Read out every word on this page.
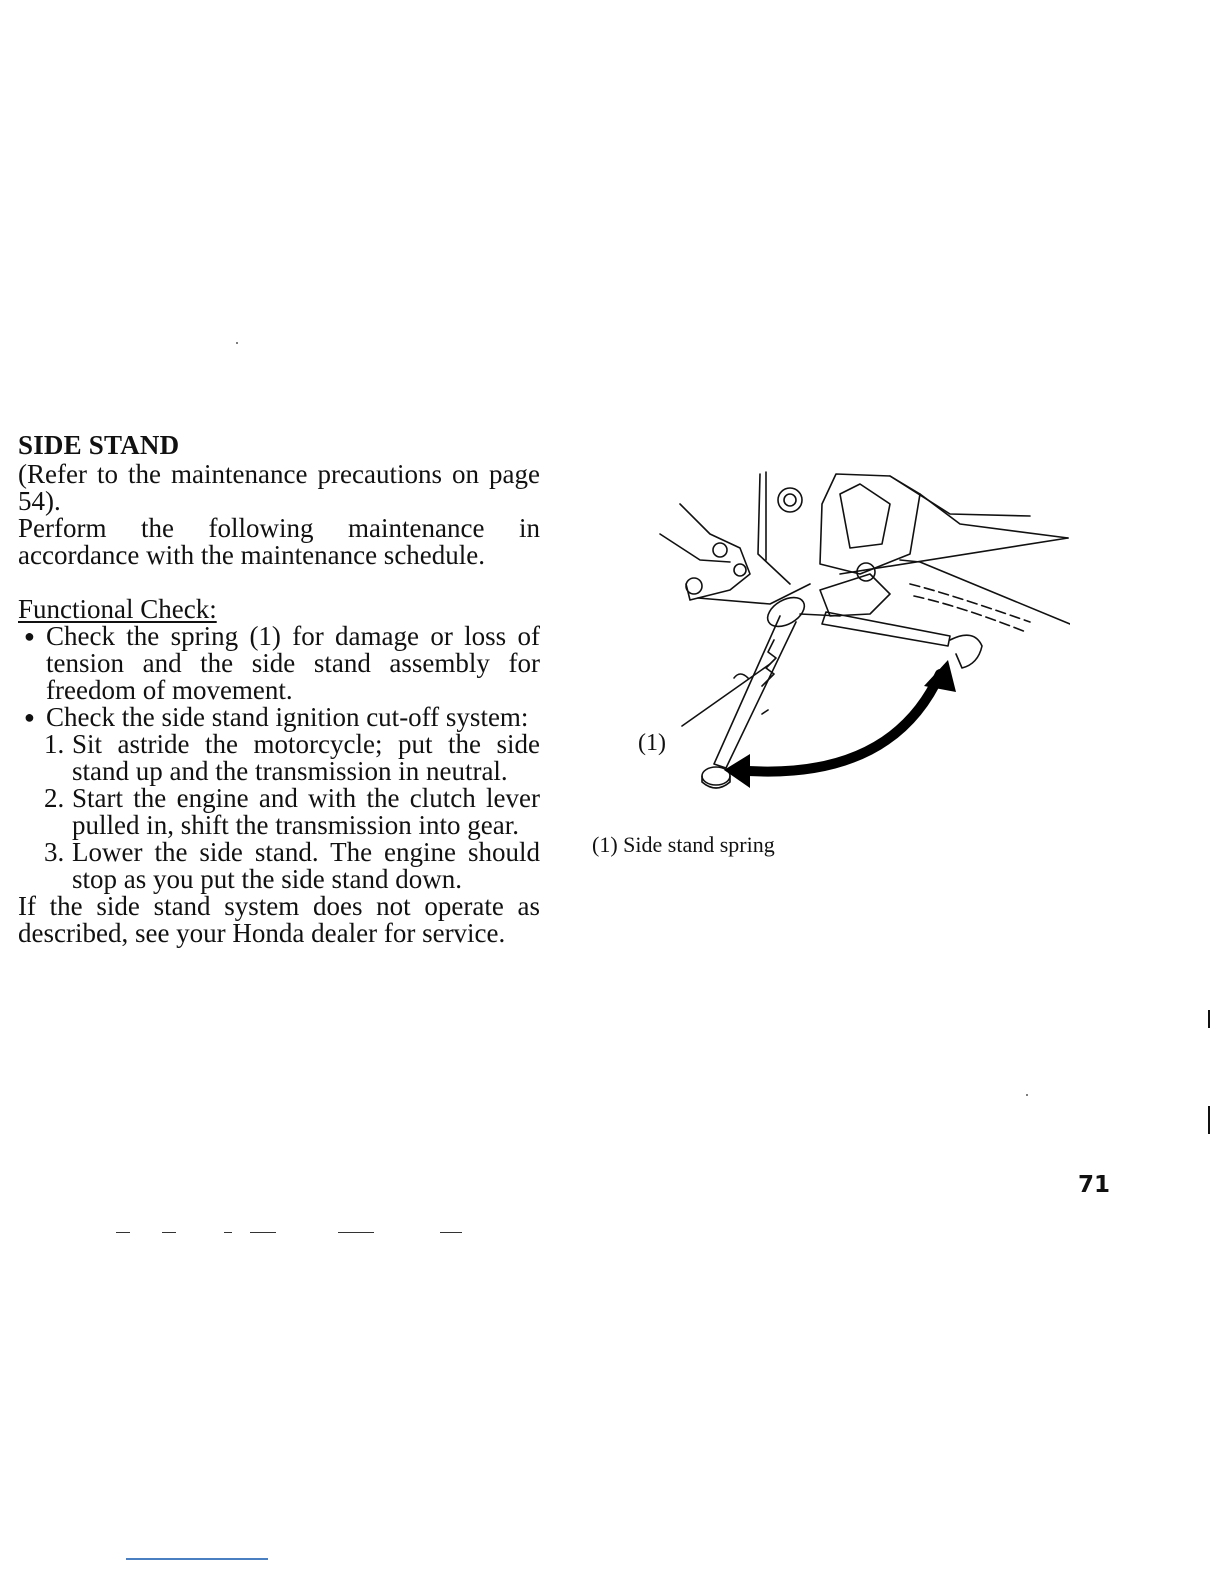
SIDE STAND

(Refer to the maintenance precautions on page 54).

Perform the following maintenance in accordance with the maintenance schedule.

Functional Check:

● Check the spring (1) for damage or loss of tension and the side stand assembly for freedom of movement.
● Check the side stand ignition cut-off system:
1. Sit astride the motorcycle; put the side stand up and the transmission in neutral.
2. Start the engine and with the clutch lever pulled in, shift the transmission into gear.
3. Lower the side stand. The engine should stop as you put the side stand down.

If the side stand system does not operate as described, see your Honda dealer for service.

(1)
(1) Side stand spring
71
